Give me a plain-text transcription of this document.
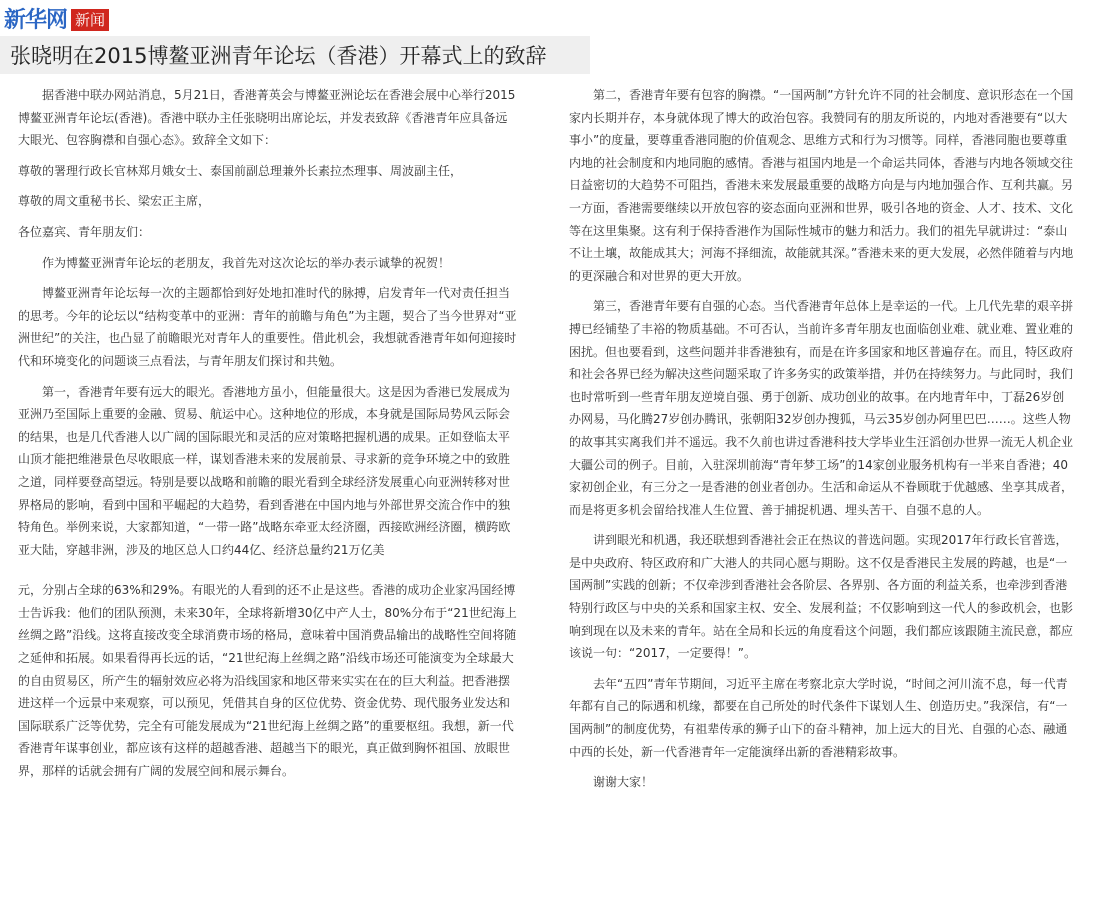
新华网 新闻
张晓明在2015博鳌亚洲青年论坛（香港）开幕式上的致辞

据香港中联办网站消息，5月21日，香港菁英会与博鳌亚洲论坛在香港会展中心举行2015博鳌亚洲青年论坛(香港)。香港中联办主任张晓明出席论坛，并发表致辞《香港青年应具备远大眼光、包容胸襟和自强心态》。致辞全文如下：

尊敬的署理行政长官林郑月娥女士、泰国前副总理兼外长素拉杰理事、周波副主任，

尊敬的周文重秘书长、梁宏正主席，

各位嘉宾、青年朋友们：

作为博鳌亚洲青年论坛的老朋友，我首先对这次论坛的举办表示诚挚的祝贺！

博鳌亚洲青年论坛每一次的主题都恰到好处地扣准时代的脉搏，启发青年一代对责任担当的思考。今年的论坛以“结构变革中的亚洲：青年的前瞻与角色”为主题，契合了当今世界对“亚洲世纪”的关注，也凸显了前瞻眼光对青年人的重要性。借此机会，我想就香港青年如何迎接时代和环境变化的问题谈三点看法，与青年朋友们探讨和共勉。

第一，香港青年要有远大的眼光。香港地方虽小，但能量很大。这是因为香港已发展成为亚洲乃至国际上重要的金融、贸易、航运中心。这种地位的形成，本身就是国际局势风云际会的结果，也是几代香港人以广阔的国际眼光和灵活的应对策略把握机遇的成果。正如登临太平山顶才能把维港景色尽收眼底一样，谋划香港未来的发展前景、寻求新的竞争环境之中的致胜之道，同样要登高望远。特别是要以战略和前瞻的眼光看到全球经济发展重心向亚洲转移对世界格局的影响，看到中国和平崛起的大趋势，看到香港在中国内地与外部世界交流合作中的独特角色。举例来说，大家都知道，“一带一路”战略东牵亚太经济圈，西接欧洲经济圈，横跨欧亚大陆，穿越非洲，涉及的地区总人口约44亿、经济总量约21万亿美

元，分别占全球的63%和29%。有眼光的人看到的还不止是这些。香港的成功企业家冯国经博士告诉我：他们的团队预测，未来30年，全球将新增30亿中产人士，80%分布于“21世纪海上丝绸之路”沿线。这将直接改变全球消费市场的格局，意味着中国消费品输出的战略性空间将随之延伸和拓展。如果看得再长远的话，“21世纪海上丝绸之路”沿线市场还可能演变为全球最大的自由贸易区，所产生的辐射效应必将为沿线国家和地区带来实实在在的巨大利益。把香港摆进这样一个远景中来观察，可以预见，凭借其自身的区位优势、资金优势、现代服务业发达和国际联系广泛等优势，完全有可能发展成为“21世纪海上丝绸之路”的重要枢纽。我想，新一代香港青年谋事创业，都应该有这样的超越香港、超越当下的眼光，真正做到胸怀祖国、放眼世界，那样的话就会拥有广阔的发展空间和展示舞台。

第二，香港青年要有包容的胸襟。“一国两制”方针允许不同的社会制度、意识形态在一个国家内长期并存，本身就体现了博大的政治包容。我赞同有的朋友所说的，内地对香港要有“以大事小”的度量，要尊重香港同胞的价值观念、思维方式和行为习惯等。同样，香港同胞也要尊重内地的社会制度和内地同胞的感情。香港与祖国内地是一个命运共同体，香港与内地各领域交往日益密切的大趋势不可阻挡，香港未来发展最重要的战略方向是与内地加强合作、互利共赢。另一方面，香港需要继续以开放包容的姿态面向亚洲和世界，吸引各地的资金、人才、技术、文化等在这里集聚。这有利于保持香港作为国际性城市的魅力和活力。我们的祖先早就讲过：“泰山不让土壤，故能成其大；河海不择细流，故能就其深。”香港未来的更大发展，必然伴随着与内地的更深融合和对世界的更大开放。

第三，香港青年要有自强的心态。当代香港青年总体上是幸运的一代。上几代先辈的艰辛拼搏已经铺垫了丰裕的物质基础。不可否认，当前许多青年朋友也面临创业难、就业难、置业难的困扰。但也要看到，这些问题并非香港独有，而是在许多国家和地区普遍存在。而且，特区政府和社会各界已经为解决这些问题采取了许多务实的政策举措，并仍在持续努力。与此同时，我们也时常听到一些青年朋友逆境自强、勇于创新、成功创业的故事。在内地青年中，丁磊26岁创办网易，马化腾27岁创办腾讯，张朝阳32岁创办搜狐，马云35岁创办阿里巴巴……。这些人物的故事其实离我们并不遥远。我不久前也讲过香港科技大学毕业生汪滔创办世界一流无人机企业大疆公司的例子。目前，入驻深圳前海“青年梦工场”的14家创业服务机构有一半来自香港；40家初创企业，有三分之一是香港的创业者创办。生活和命运从不眷顾耽于优越感、坐享其成者，而是将更多机会留给找准人生位置、善于捕捉机遇、埋头苦干、自强不息的人。

讲到眼光和机遇，我还联想到香港社会正在热议的普选问题。实现2017年行政长官普选，是中央政府、特区政府和广大港人的共同心愿与期盼。这不仅是香港民主发展的跨越，也是“一国两制”实践的创新；不仅牵涉到香港社会各阶层、各界别、各方面的利益关系，也牵涉到香港特别行政区与中央的关系和国家主权、安全、发展利益；不仅影响到这一代人的参政机会，也影响到现在以及未来的青年。站在全局和长远的角度看这个问题，我们都应该跟随主流民意，都应该说一句：“2017，一定要得！”。

去年“五四”青年节期间，习近平主席在考察北京大学时说，“时间之河川流不息，每一代青年都有自己的际遇和机缘，都要在自己所处的时代条件下谋划人生、创造历史。”我深信，有“一国两制”的制度优势，有祖辈传承的狮子山下的奋斗精神，加上远大的目光、自强的心态、融通中西的长处，新一代香港青年一定能演绎出新的香港精彩故事。

谢谢大家！
